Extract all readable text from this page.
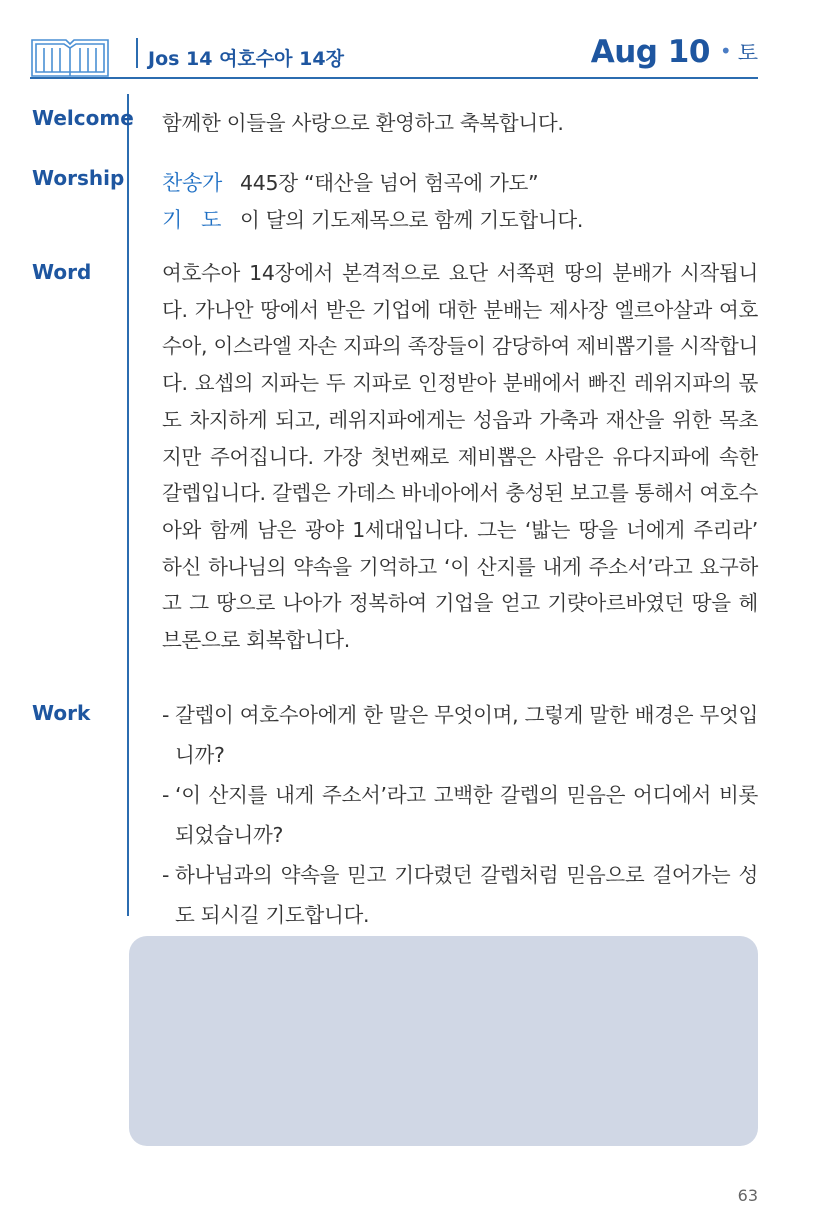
Jos 14 여호수아 14장	Aug 10 • 토
Welcome 함께한 이들을 사랑으로 환영하고 축복합니다.
Worship 찬송가 445장 “태산을 넘어 험곡에 가도”
기   도 이 달의 기도제목으로 함께 기도합니다.
Word	여호수아 14장에서 본격적으로 요단 서쪽편 땅의 분배가 시작됩니다. 가나안 땅에서 받은 기업에 대한 분배는 제사장 엘르아살과 여호수아, 이스라엘 자손 지파의 족장들이 감당하여 제비뽑기를 시작합니다. 요셉의 지파는 두 지파로 인정받아 분배에서 빠진 레위지파의 몫도 차지하게 되고, 레위지파에게는 성읍과 가축과 재산을 위한 목초지만 주어집니다. 가장 첫번째로 제비뽑은 사람은 유다지파에 속한 갈렙입니다. 갈렙은 가데스 바네아에서 충성된 보고를 통해서 여호수아와 함께 남은 광야 1세대입니다. 그는 ‘밟는 땅을 너에게 주리라’ 하신 하나님의 약속을 기억하고 ‘이 산지를 내게 주소서’라고 요구하고 그 땅으로 나아가 정복하여 기업을 얻고 기럇아르바였던 땅을 헤브론으로 회복합니다.
Work	- 갈렙이 여호수아에게 한 말은 무엇이며, 그렇게 말한 배경은 무엇입니까?
- ‘이 산지를 내게 주소서’라고 고백한 갈렙의 믿음은 어디에서 비롯되었습니까?
- 하나님과의 약속을 믿고 기다렸던 갈렙처럼 믿음으로 걸어가는 성도 되시길 기도합니다.
63
